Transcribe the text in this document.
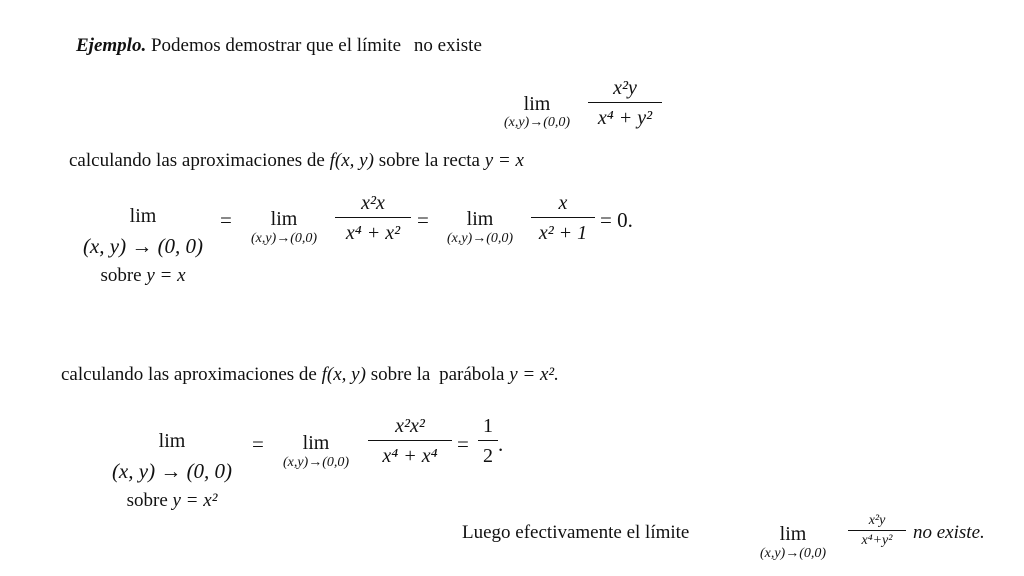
Ejemplo. Podemos demostrar que el límite no existe
lim
(x,y)→(0,0)
x²y
x⁴ + y²
calculando las aproximaciones de f(x, y) sobre la recta y = x
lim
(x, y) → (0, 0)
sobre y = x
=	lim
(x,y)→(0,0)
x²x
x⁴ + x²
=	lim
(x,y)→(0,0)
x
x² + 1
= 0.
calculando las aproximaciones de f(x, y) sobre la parábola y = x².
lim
(x, y) → (0, 0)
sobre y = x²
=	lim
(x,y)→(0,0)
x²x²
x⁴ + x⁴
=
1
2
.
Luego efectivamente el límite	lim
(x,y)→(0,0)
x²y
x⁴+y²	no existe.
